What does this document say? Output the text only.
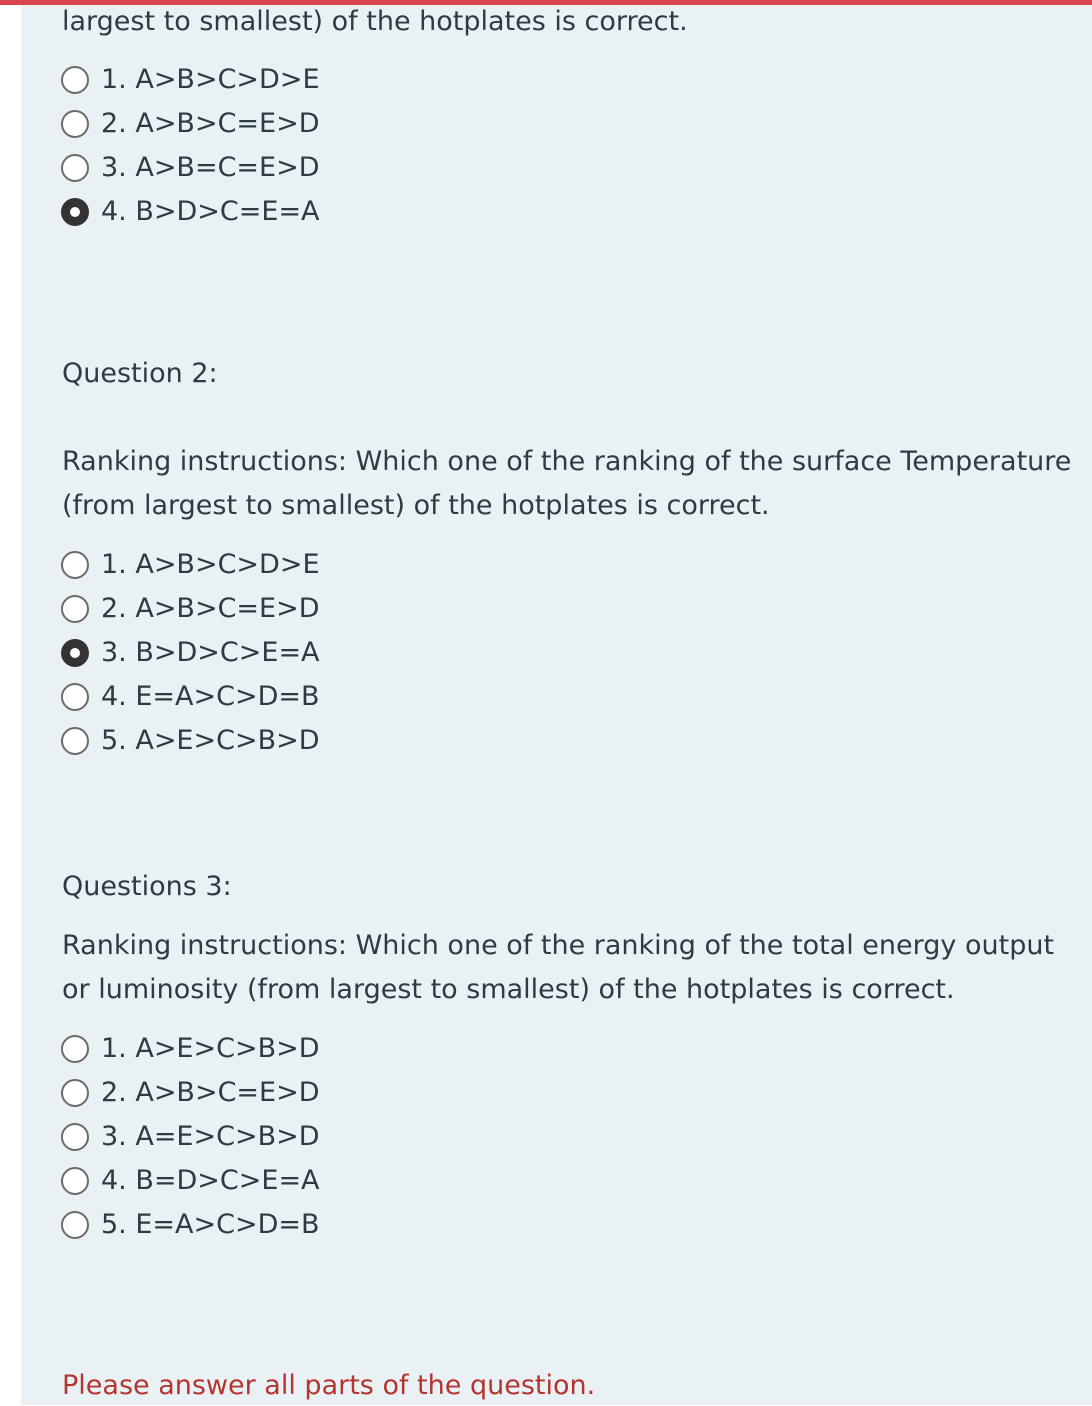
largest to smallest) of the hotplates is correct.
1. A>B>C>D>E
2. A>B>C=E>D
3. A>B=C=E>D
4. B>D>C=E=A
Question 2:
Ranking instructions: Which one of the ranking of the surface Temperature (from largest to smallest) of the hotplates is correct.
1. A>B>C>D>E
2. A>B>C=E>D
3. B>D>C>E=A
4. E=A>C>D=B
5. A>E>C>B>D
Questions 3:
Ranking instructions: Which one of the ranking of the total energy output or luminosity (from largest to smallest) of the hotplates is correct.
1. A>E>C>B>D
2. A>B>C=E>D
3. A=E>C>B>D
4. B=D>C>E=A
5. E=A>C>D=B
Please answer all parts of the question.
